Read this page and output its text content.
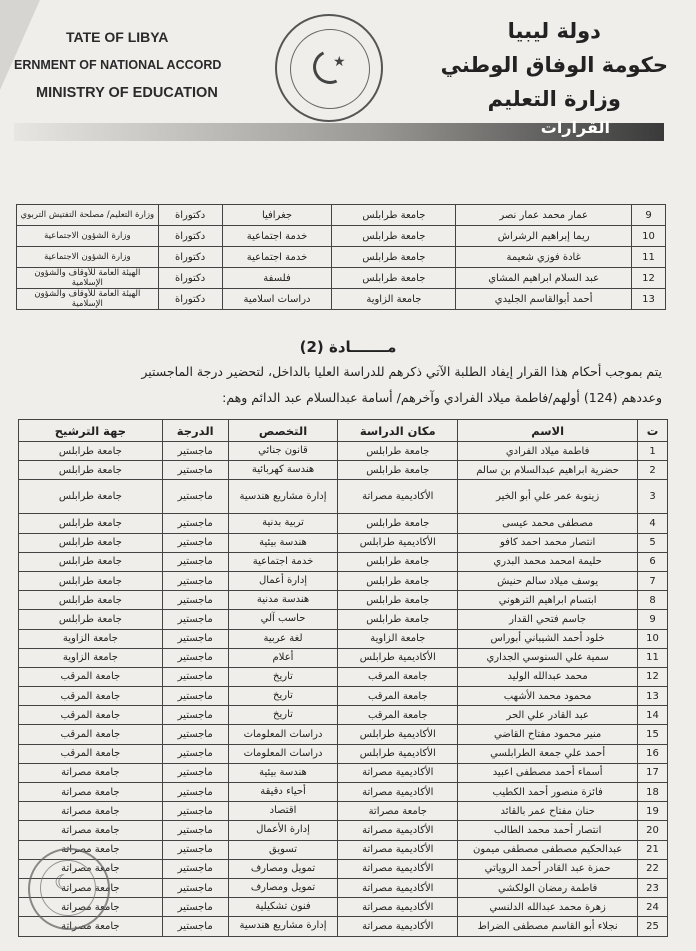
TATE OF LIBYA
ERNMENT OF NATIONAL ACCORD
MINISTRY OF EDUCATION
★
دولة ليبيا
حكومة الوفاق الوطني
وزارة التعليم
القرارات
9	عمار محمد عمار نصر	جامعة طرابلس	جغرافيا	دكتوراة	وزارة التعليم/ مصلحة التفتيش التربوي
10	ريما إبراهيم الرشراش	جامعة طرابلس	خدمة اجتماعية	دكتوراة	وزارة الشؤون الاجتماعية
11	غادة فوزي شعيمة	جامعة طرابلس	خدمة اجتماعية	دكتوراة	وزارة الشؤون الاجتماعية
12	عبد السلام ابراهيم المشاي	جامعة طرابلس	فلسفة	دكتوراة	الهيئة العامة للأوقاف والشؤون الإسلامية
13	أحمد أبوالقاسم الجليدي	جامعة الزاوية	دراسات اسلامية	دكتوراة	الهيئة العامة للأوقاف والشؤون الإسلامية
مـــــــادة (2)
يتم بموجب أحكام هذا القرار إيفاد الطلبة الآتي ذكرهم للدراسة العليا بالداخل، لتحضير درجة الماجستير
وعددهم (124) أولهم/فاطمة ميلاد الفرادي وآخرهم/ أسامة عبدالسلام عبد الدائم وهم:
ت	الاسم	مكان الدراسة	التخصص	الدرجة	جهة الترشيح
1	فاطمة ميلاد الفرادي	جامعة طرابلس	قانون جنائي	ماجستير	جامعة طرابلس
2	حضرية ابراهيم عبدالسلام بن سالم	جامعة طرابلس	هندسة كهربائية	ماجستير	جامعة طرابلس
3	زينوبة عمر علي أبو الخير	الأكاديمية مصراتة	إدارة مشاريع هندسية	ماجستير	جامعة طرابلس
4	مصطفى محمد عيسى	جامعة طرابلس	تربية بدنية	ماجستير	جامعة طرابلس
5	انتصار محمد احمد كافو	الأكاديمية طرابلس	هندسة بيئية	ماجستير	جامعة طرابلس
6	حليمة امحمد محمد البدري	جامعة طرابلس	خدمة اجتماعية	ماجستير	جامعة طرابلس
7	يوسف ميلاد سالم حنيش	جامعة طرابلس	إدارة أعمال	ماجستير	جامعة طرابلس
8	ابتسام ابراهيم الترهوني	جامعة طرابلس	هندسة مدنية	ماجستير	جامعة طرابلس
9	جاسم فتحي القدار	جامعة طرابلس	حاسب آلي	ماجستير	جامعة طرابلس
10	خلود أحمد الشيباني أبوراس	جامعة الزاوية	لغة عربية	ماجستير	جامعة الزاوية
11	سمية علي السنوسي الجداري	الأكاديمية طرابلس	أعلام	ماجستير	جامعة الزاوية
12	محمد عبدالله الوليد	جامعة المرقب	تاريخ	ماجستير	جامعة المرقب
13	محمود محمد الأشهب	جامعة المرقب	تاريخ	ماجستير	جامعة المرقب
14	عبد القادر علي الحر	جامعة المرقب	تاريخ	ماجستير	جامعة المرقب
15	منير محمود مفتاح القاضي	الأكاديمية طرابلس	دراسات المعلومات	ماجستير	جامعة المرقب
16	أحمد علي جمعة الطرابلسي	الأكاديمية طرابلس	دراسات المعلومات	ماجستير	جامعة المرقب
17	أسماء أحمد مصطفى اعبيد	الأكاديمية مصراتة	هندسة بيئية	ماجستير	جامعة مصراتة
18	فائزة منصور أحمد الكطيب	الأكاديمية مصراتة	أحياء دقيقة	ماجستير	جامعة مصراتة
19	حنان مفتاح عمر بالقائد	جامعة مصراتة	اقتصاد	ماجستير	جامعة مصراتة
20	انتصار أحمد محمد الطالب	الأكاديمية مصراتة	إدارة الأعمال	ماجستير	جامعة مصراتة
21	عبدالحكيم مصطفى مصطفى ميمون	الأكاديمية مصراتة	تسويق	ماجستير	جامعة مصراتة
22	حمزة عبد القادر أحمد الروياتي	الأكاديمية مصراتة	تمويل ومصارف	ماجستير	جامعة مصراتة
23	فاطمة رمضان الولكشي	الأكاديمية مصراتة	تمويل ومصارف	ماجستير	جامعة مصراتة
24	زهرة محمد عبدالله الدلنسي	الأكاديمية مصراتة	فنون تشكيلية	ماجستير	جامعة مصراتة
25	نجلاء أبو القاسم مصطفى الضراط	الأكاديمية مصراتة	إدارة مشاريع هندسية	ماجستير	جامعة مصراتة
☾
